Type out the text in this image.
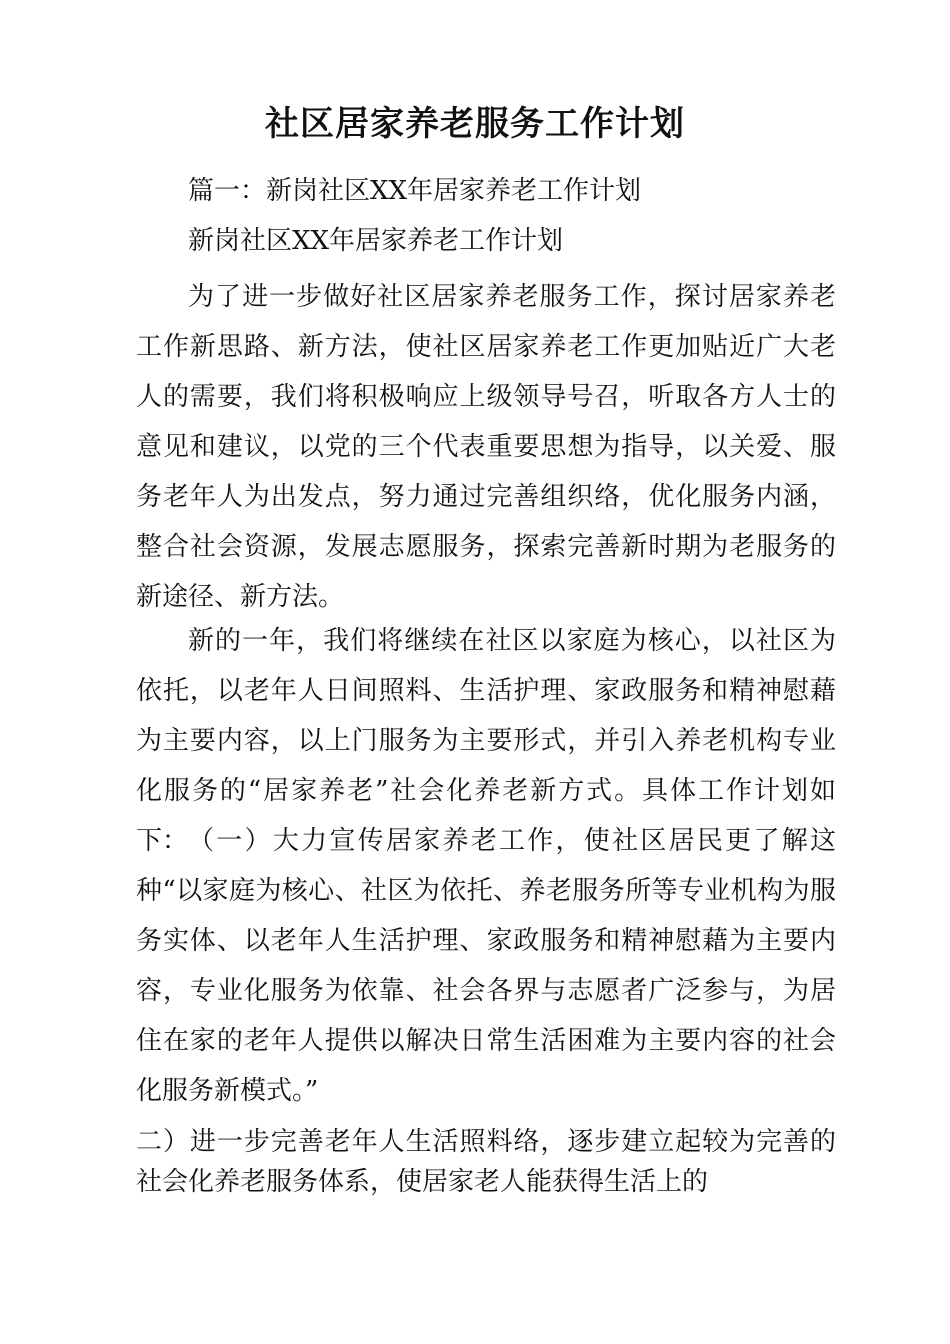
社区居家养老服务工作计划

篇一：新岗社区XX年居家养老工作计划

新岗社区XX年居家养老工作计划

为了进一步做好社区居家养老服务工作，探讨居家养老工作新思路、新方法，使社区居家养老工作更加贴近广大老人的需要，我们将积极响应上级领导号召，听取各方人士的意见和建议，以党的三个代表重要思想为指导，以关爱、服务老年人为出发点，努力通过完善组织络，优化服务内涵，整合社会资源，发展志愿服务，探索完善新时期为老服务的新途径、新方法。

新的一年，我们将继续在社区以家庭为核心，以社区为依托，以老年人日间照料、生活护理、家政服务和精神慰藉为主要内容，以上门服务为主要形式，并引入养老机构专业化服务的“居家养老”社会化养老新方式。具体工作计划如下： （一）大力宣传居家养老工作，使社区居民更了解这种“以家庭为核心、社区为依托、养老服务所等专业机构为服务实体、以老年人生活护理、家政服务和精神慰藉为主要内容，专业化服务为依靠、社会各界与志愿者广泛参与，为居住在家的老年人提供以解决日常生活困难为主要内容的社会化服务新模式。”

二）进一步完善老年人生活照料络，逐步建立起较为完善的社会化养老服务体系，使居家老人能获得生活上的
